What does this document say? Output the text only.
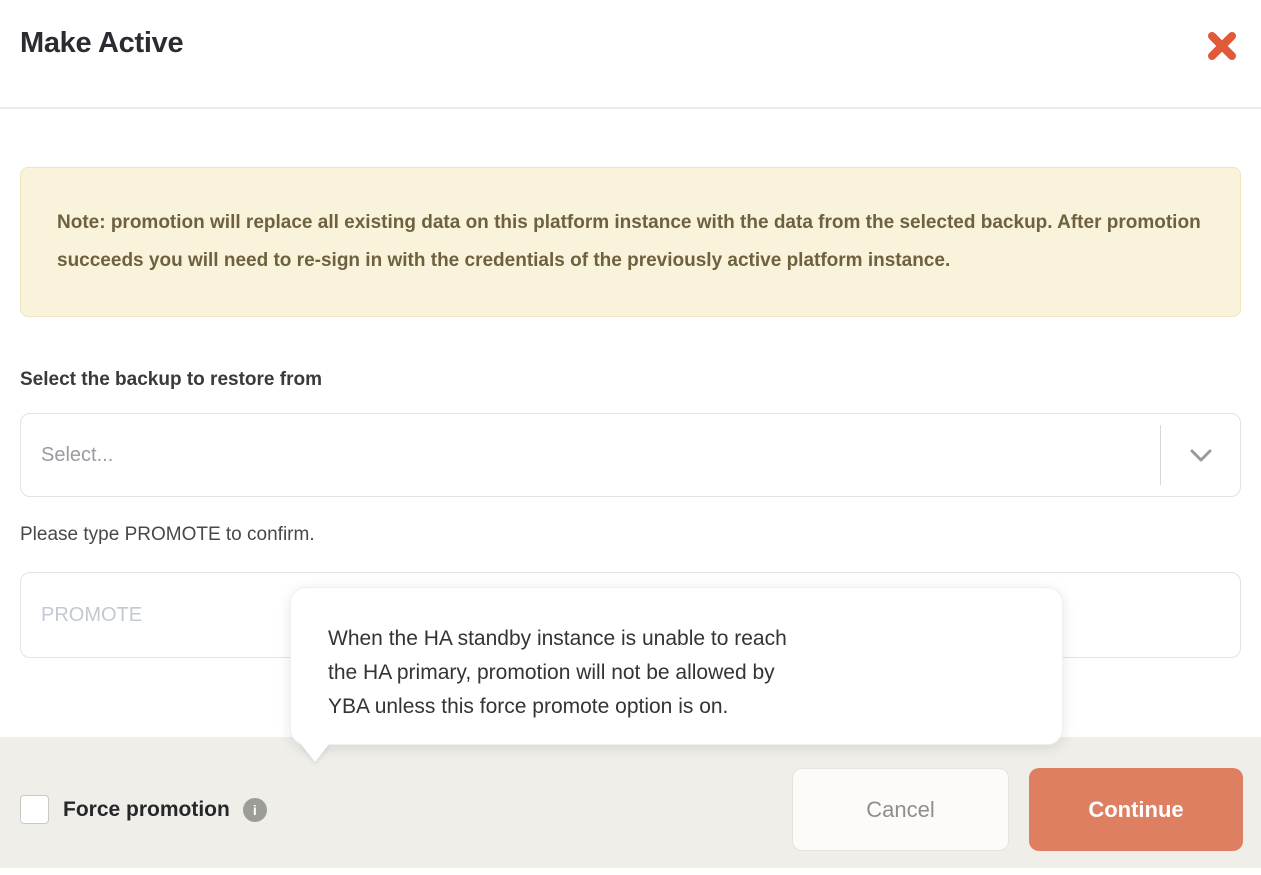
Make Active
Note: promotion will replace all existing data on this platform instance with the data from the selected backup. After promotion succeeds you will need to re-sign in with the credentials of the previously active platform instance.
Select the backup to restore from
Select...
Please type PROMOTE to confirm.
PROMOTE
When the HA standby instance is unable to reach
the HA primary, promotion will not be allowed by
YBA unless this force promote option is on.
Force promotion	i	Cancel	Continue
